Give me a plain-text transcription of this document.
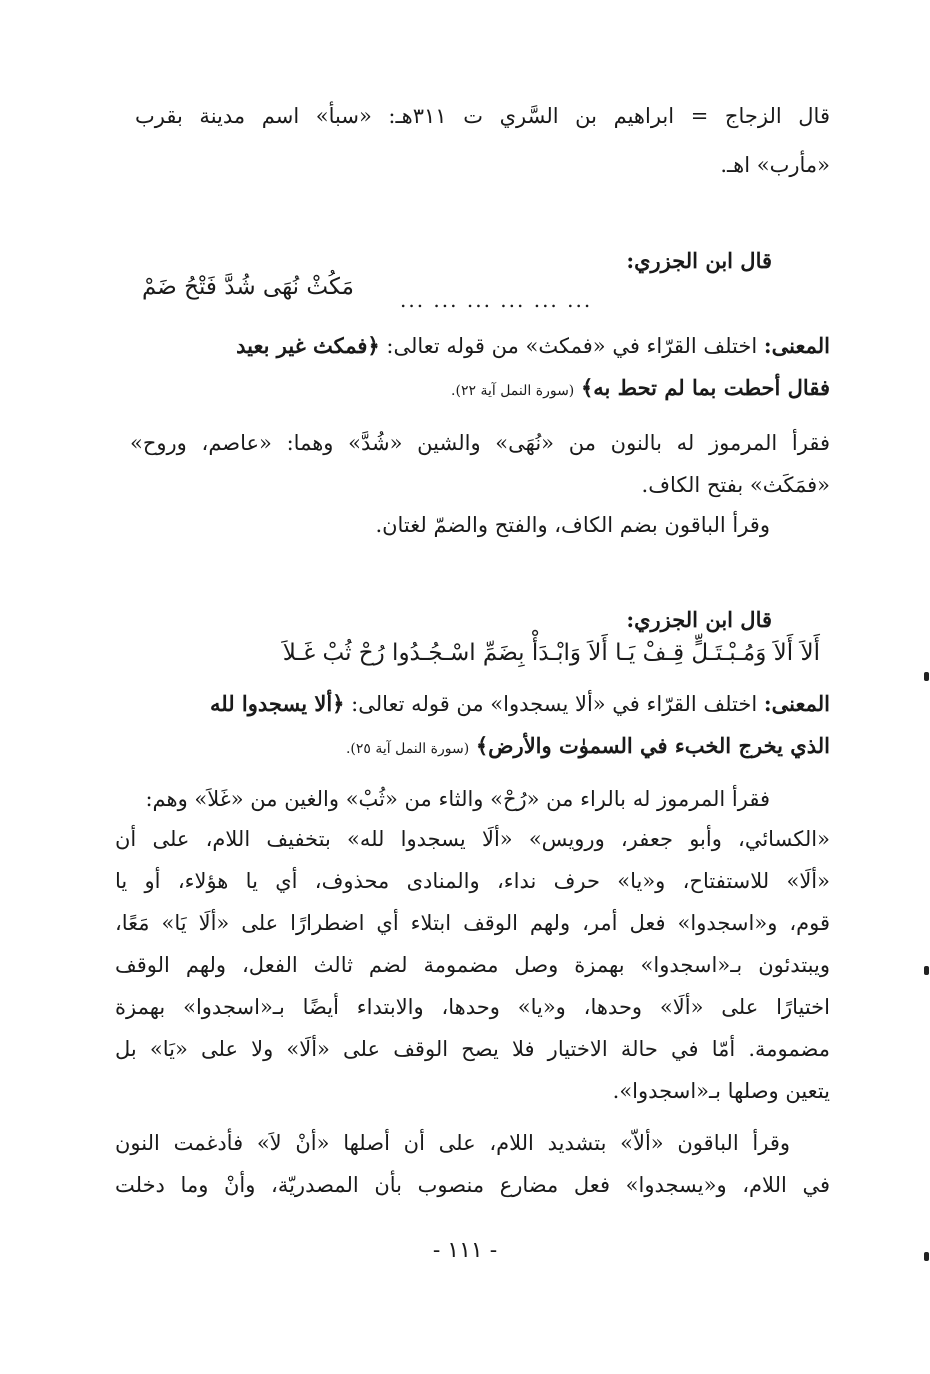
قال الزجاج = ابراهيم بن السَّري ت ٣١١هـ: «سبأ» اسم مدينة بقرب
«مأرب» اهـ.
قال ابن الجزري:
مَكُثْ نُهَى شُدَّ فَتْحُ ضَمْ ... ... ... ... ... ...
المعنى: اختلف القرّاء في «فمكث» من قوله تعالى: ﴿فمكث غير بعيد
فقال أحطت بما لم تحط به﴾ (سورة النمل آية ٢٢).
فقرأ المرموز له بالنون من «نُهَى» والشين «شُدَّ» وهما: «عاصم، وروح»
«فمَكَث» بفتح الكاف.
وقرأ الباقون بضم الكاف، والفتح والضمّ لغتان.
قال ابن الجزري:
أَلاَ أَلاَ وَمُـبْـتَـلٍّ قِـفْ يَـا أَلاَ وَابْـدَأْ بِضَمِّ اسْـجُـدُوا رُحْ ثُبْ غَـلاَ
المعنى: اختلف القرّاء في «ألا يسجدوا» من قوله تعالى: ﴿ألا يسجدوا لله
الذي يخرج الخبء في السموٰت والأرض﴾ (سورة النمل آية ٢٥).
فقرأ المرموز له بالراء من «رُحْ» والثاء من «ثُبْ» والغين من «غَلاَ» وهم:
«الكسائي، وأبو جعفر، ورويس» «ألَا يسجدوا لله» بتخفيف اللام، على أن
«ألَا» للاستفتاح، و«يا» حرف نداء، والمنادى محذوف، أي يا هؤلاء، أو يا
قوم، و«اسجدوا» فعل أمر، ولهم الوقف ابتلاء أي اضطرارًا على «ألَا يَا» مَعًا،
ويبتدئون بـ«اسجدوا» بهمزة وصل مضمومة لضم ثالث الفعل، ولهم الوقف
اختيارًا على «ألَا» وحدها، و«يا» وحدها، والابتداء أيضًا بـ«اسجدوا» بهمزة
مضمومة. أمّا في حالة الاختيار فلا يصح الوقف على «ألَا» ولا على «يَا» بل
يتعين وصلها بـ«اسجدوا».
وقرأ الباقون «ألاّ» بتشديد اللام، على أن أصلها «أنْ لاَ» فأدغمت النون
في اللام، و«يسجدوا» فعل مضارع منصوب بأن المصدريّة، وأنْ وما دخلت
- ١١١ -
